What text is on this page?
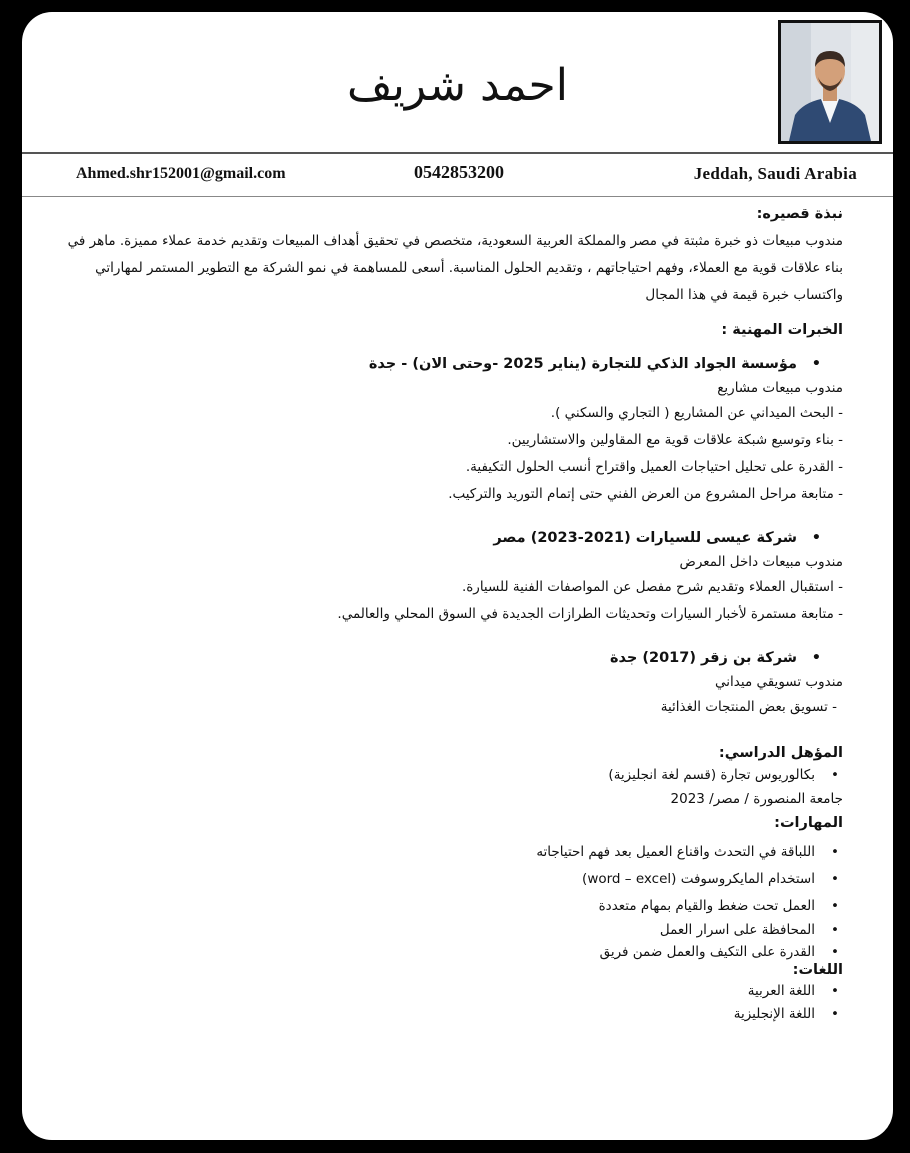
احمد شريف
Ahmed.shr152001@gmail.com	0542853200	Jeddah, Saudi Arabia
نبذة قصيره:

مندوب مبيعات ذو خبرة مثبتة في مصر والمملكة العربية السعودية، متخصص في تحقيق أهداف المبيعات وتقديم خدمة عملاء مميزة. ماهر في بناء علاقات قوية مع العملاء، وفهم احتياجاتهم ، وتقديم الحلول المناسبة. أسعى للمساهمة في نمو الشركة مع التطوير المستمر لمهاراتي واكتساب خبرة قيمة في هذا المجال

الخبرات المهنية :
• مؤسسة الجواد الذكي للتجارة (يناير 2025 -وحتى الان) - جدة
مندوب مبيعات مشاريع
- البحث الميداني عن المشاريع ( التجاري والسكني ).
- بناء وتوسيع شبكة علاقات قوية مع المقاولين والاستشاريين.
- القدرة على تحليل احتياجات العميل واقتراح أنسب الحلول التكيفية.
- متابعة مراحل المشروع من العرض الفني حتى إتمام التوريد والتركيب.
• شركة عيسى للسيارات (2021-2023) مصر
مندوب مبيعات داخل المعرض
- استقبال العملاء وتقديم شرح مفصل عن المواصفات الفنية للسيارة.
- متابعة مستمرة لأخبار السيارات وتحديثات الطرازات الجديدة في السوق المحلي والعالمي.
• شركة بن زقر (2017) جدة
مندوب تسويقي ميداني
- تسويق بعض المنتجات الغذائية
المؤهل الدراسي:
• بكالوريوس تجارة (قسم لغة انجليزية)
جامعة المنصورة / مصر/ 2023
المهارات:
• اللباقة في التحدث واقناع العميل بعد فهم احتياجاته
• استخدام المايكروسوفت (word – excel)
• العمل تحت ضغط والقيام بمهام متعددة
• المحافظة على اسرار العمل
• القدرة على التكيف والعمل ضمن فريق
اللغات:
• اللغة العربية
• اللغة الإنجليزية
